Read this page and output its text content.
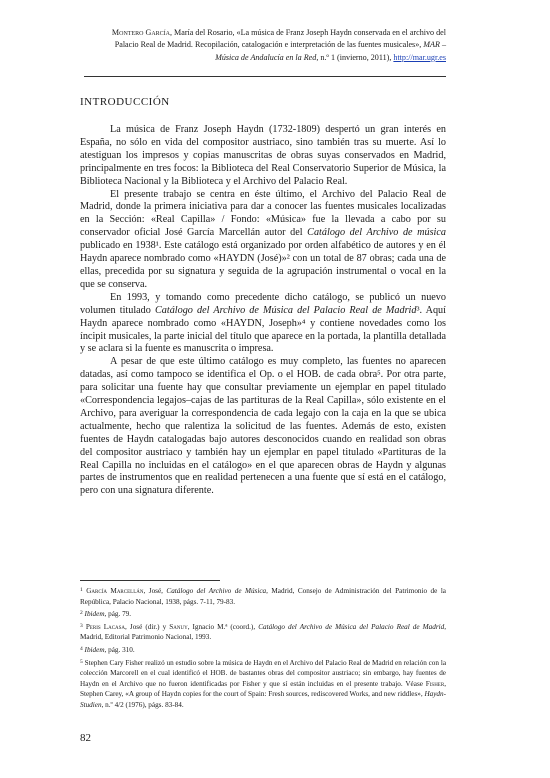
Montero García, María del Rosario, «La música de Franz Joseph Haydn conservada en el archivo del Palacio Real de Madrid. Recopilación, catalogación e interpretación de las fuentes musicales», MAR – Música de Andalucía en la Red, n.º 1 (invierno, 2011), http://mar.ugr.es
INTRODUCCIÓN

La música de Franz Joseph Haydn (1732-1809) despertó un gran interés en España, no sólo en vida del compositor austriaco, sino también tras su muerte. Así lo atestiguan los impresos y copias manuscritas de obras suyas conservados en Madrid, principalmente en tres focos: la Biblioteca del Real Conservatorio Superior de Música, la Biblioteca Nacional y la Biblioteca y el Archivo del Palacio Real.

El presente trabajo se centra en éste último, el Archivo del Palacio Real de Madrid, donde la primera iniciativa para dar a conocer las fuentes musicales localizadas en la Sección: «Real Capilla» / Fondo: «Música» fue la llevada a cabo por su conservador oficial José García Marcellán autor del Catálogo del Archivo de música publicado en 1938¹. Este catálogo está organizado por orden alfabético de autores y en él Haydn aparece nombrado como «HAYDN (José)»² con un total de 87 obras; cada una de ellas, precedida por su signatura y seguida de la agrupación instrumental o vocal en la que se conserva.

En 1993, y tomando como precedente dicho catálogo, se publicó un nuevo volumen titulado Catálogo del Archivo de Música del Palacio Real de Madrid³. Aquí Haydn aparece nombrado como «HAYDN, Joseph»⁴ y contiene novedades como los íncipit musicales, la parte inicial del título que aparece en la portada, la plantilla detallada y se aclara si la fuente es manuscrita o impresa.

A pesar de que este último catálogo es muy completo, las fuentes no aparecen datadas, así como tampoco se identifica el Op. o el HOB. de cada obra⁵. Por otra parte, para solicitar una fuente hay que consultar previamente un ejemplar en papel titulado «Correspondencia legajos–cajas de las partituras de la Real Capilla», sólo existente en el Archivo, para averiguar la correspondencia de cada legajo con la caja en la que se ubica actualmente, hecho que ralentiza la solicitud de las fuentes. Además de esto, existen fuentes de Haydn catalogadas bajo autores desconocidos cuando en realidad son obras del compositor austriaco y también hay un ejemplar en papel titulado «Partituras de la Real Capilla no incluidas en el catálogo» en el que aparecen obras de Haydn y algunas partes de instrumentos que en realidad pertenecen a una fuente que sí está en el catálogo, pero con una signatura diferente.

$^1$ García Marcellán, José, Catálogo del Archivo de Música, Madrid, Consejo de Administración del Patrimonio de la República, Palacio Nacional, 1938, págs. 7-11, 79-83.

$^2$ Ibidem, pág. 79.

$^3$ Peris Lacasa, José (dir.) y Sanuy, Ignacio M.ª (coord.), Catálogo del Archivo de Música del Palacio Real de Madrid, Madrid, Editorial Patrimonio Nacional, 1993.

$^4$ Ibidem, pág. 310.

$^5$ Stephen Cary Fisher realizó un estudio sobre la música de Haydn en el Archivo del Palacio Real de Madrid en relación con la colección Marcorell en el cual identificó el HOB. de bastantes obras del compositor austriaco; sin embargo, hay fuentes de Haydn en el Archivo que no fueron identificadas por Fisher y que sí están incluidas en el presente trabajo. Véase Fisher, Stephen Carey, «A group of Haydn copies for the court of Spain: Fresh sources, rediscovered Works, and new riddles», Haydn-Studien, n.º 4/2 (1976), págs. 83-84.

82
